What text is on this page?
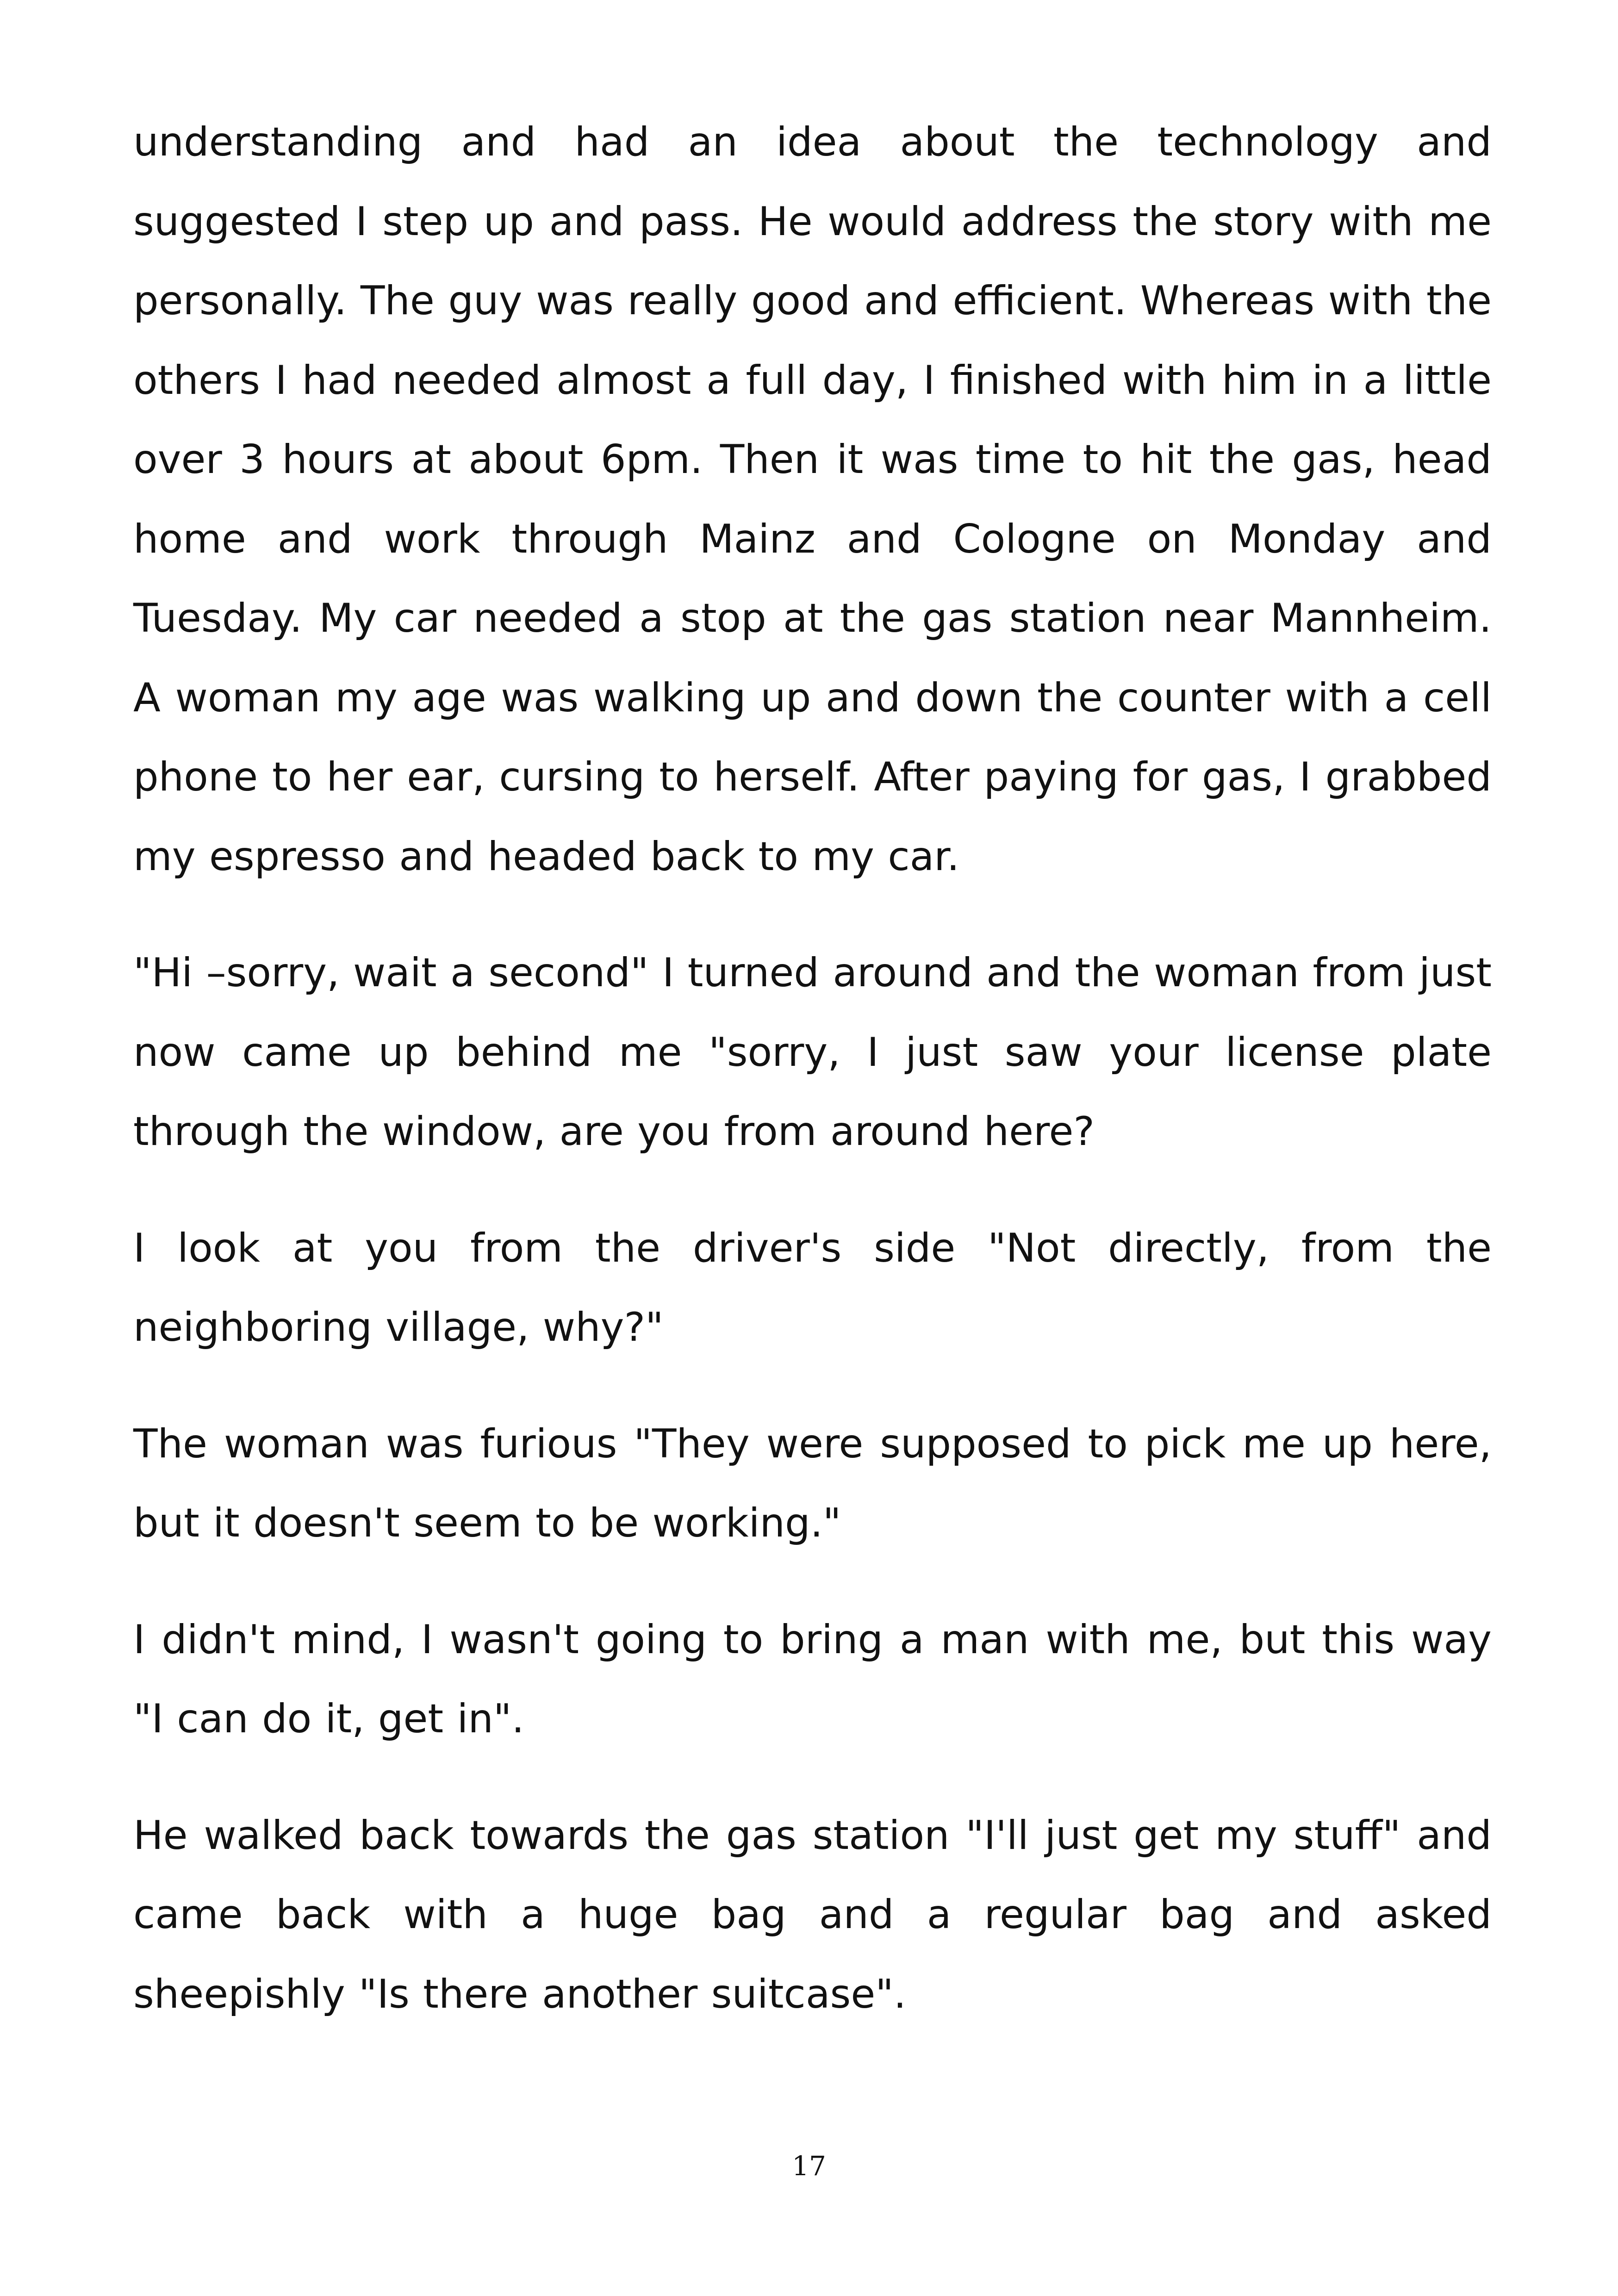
understanding and had an idea about the technology and suggested I step up and pass. He would address the story with me personally. The guy was really good and efficient. Whereas with the others I had needed almost a full day, I finished with him in a little over 3 hours at about 6pm. Then it was time to hit the gas, head home and work through Mainz and Cologne on Monday and Tuesday. My car needed a stop at the gas station near Mannheim. A woman my age was walking up and down the counter with a cell phone to her ear, cursing to herself. After paying for gas, I grabbed my espresso and headed back to my car.

"Hi –sorry, wait a second" I turned around and the woman from just now came up behind me "sorry, I just saw your license plate through the window, are you from around here?

I look at you from the driver's side "Not directly, from the neighboring village, why?"

The woman was furious "They were supposed to pick me up here, but it doesn't seem to be working."

I didn't mind, I wasn't going to bring a man with me, but this way "I can do it, get in".

He walked back towards the gas station "I'll just get my stuff" and came back with a huge bag and a regular bag and asked sheepishly "Is there another suitcase".

17
